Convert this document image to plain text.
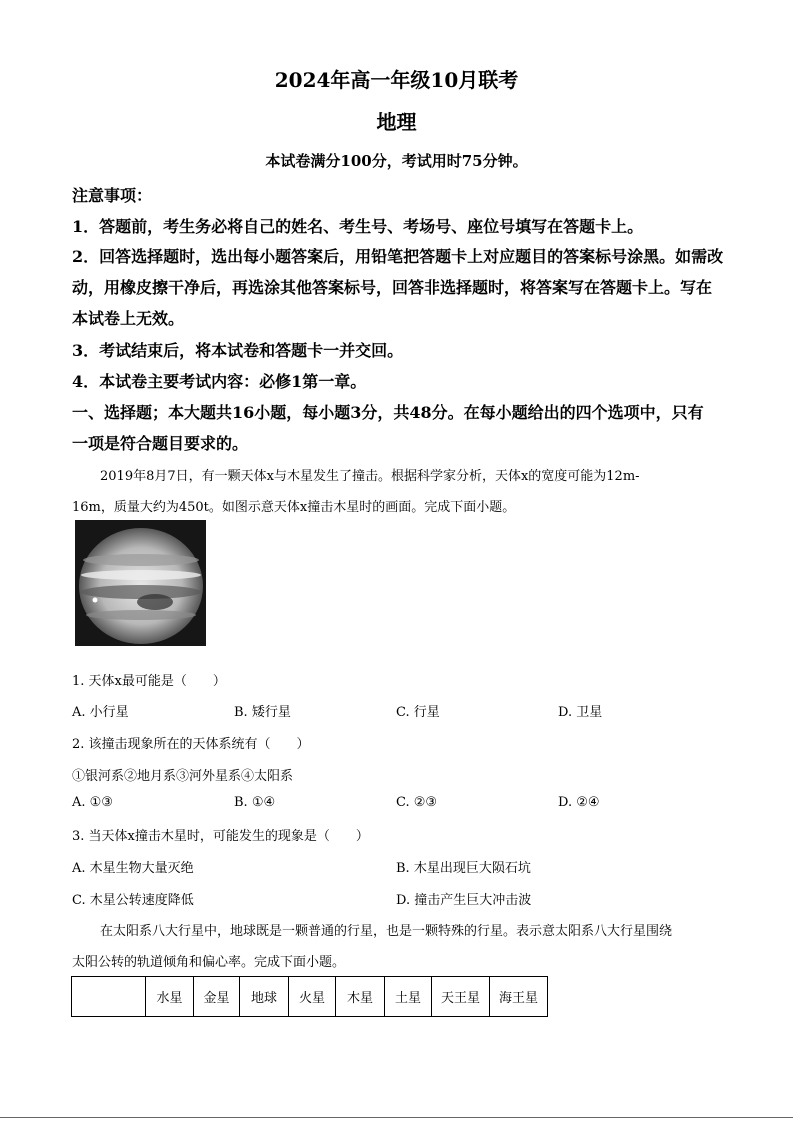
2024年高一年级10月联考
地理
本试卷满分100分，考试用时75分钟。
注意事项：
1．答题前，考生务必将自己的姓名、考生号、考场号、座位号填写在答题卡上。
2．回答选择题时，选出每小题答案后，用铅笔把答题卡上对应题目的答案标号涂黑。如需改
动，用橡皮擦干净后，再选涂其他答案标号，回答非选择题时，将答案写在答题卡上。写在
本试卷上无效。
3．考试结束后，将本试卷和答题卡一并交回。
4．本试卷主要考试内容：必修1第一章。
一、选择题；本大题共16小题，每小题3分，共48分。在每小题给出的四个选项中，只有
一项是符合题目要求的。
2019年8月7日，有一颗天体x与木星发生了撞击。根据科学家分析，天体x的宽度可能为12m-
16m，质量大约为450t。如图示意天体x撞击木星时的画面。完成下面小题。
1. 天体x最可能是（　　）
A. 小行星	B. 矮行星	C. 行星	D. 卫星
2. 该撞击现象所在的天体系统有（　　）
①银河系②地月系③河外星系④太阳系
A. ①③	B. ①④	C. ②③	D. ②④
3. 当天体x撞击木星时，可能发生的现象是（　　）
A. 木星生物大量灭绝	B. 木星出现巨大陨石坑
C. 木星公转速度降低	D. 撞击产生巨大冲击波
在太阳系八大行星中，地球既是一颗普通的行星，也是一颗特殊的行星。表示意太阳系八大行星围绕
太阳公转的轨道倾角和偏心率。完成下面小题。
	水星	金星	地球	火星	木星	土星	天王星	海王星
